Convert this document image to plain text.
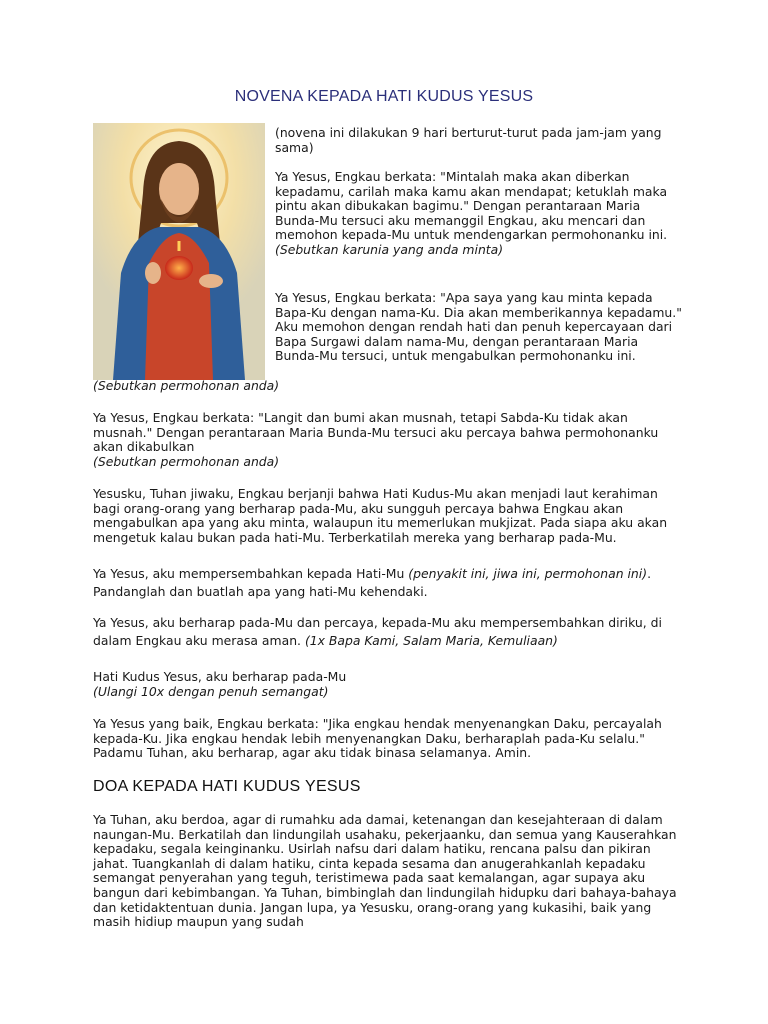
NOVENA KEPADA HATI KUDUS YESUS

(novena ini dilakukan 9 hari berturut-turut pada jam-jam yang sama)

Ya Yesus, Engkau berkata: "Mintalah maka akan diberkan kepadamu, carilah maka kamu akan mendapat; ketuklah maka pintu akan dibukakan bagimu." Dengan perantaraan Maria Bunda-Mu tersuci aku memanggil Engkau, aku mencari dan memohon kepada-Mu untuk mendengarkan permohonanku ini.
(Sebutkan karunia yang anda minta)

Ya Yesus, Engkau berkata: "Apa saya yang kau minta kepada Bapa-Ku dengan nama-Ku. Dia akan memberikannya kepadamu." Aku memohon dengan rendah hati dan penuh kepercayaan dari Bapa Surgawi dalam nama-Mu, dengan perantaraan Maria Bunda-Mu tersuci, untuk mengabulkan permohonanku ini.

(Sebutkan permohonan anda)

Ya Yesus, Engkau berkata: "Langit dan bumi akan musnah, tetapi Sabda-Ku tidak akan musnah." Dengan perantaraan Maria Bunda-Mu tersuci aku percaya bahwa permohonanku akan dikabulkan
(Sebutkan permohonan anda)

Yesusku, Tuhan jiwaku, Engkau berjanji bahwa Hati Kudus-Mu akan menjadi laut kerahiman bagi orang-orang yang berharap pada-Mu, aku sungguh percaya bahwa Engkau akan mengabulkan apa yang aku minta, walaupun itu memerlukan mukjizat. Pada siapa aku akan mengetuk kalau bukan pada hati-Mu. Terberkatilah mereka yang berharap pada-Mu.

Ya Yesus, aku mempersembahkan kepada Hati-Mu (penyakit ini, jiwa ini, permohonan ini). Pandanglah dan buatlah apa yang hati-Mu kehendaki.

Ya Yesus, aku berharap pada-Mu dan percaya, kepada-Mu aku mempersembahkan diriku, di dalam Engkau aku merasa aman. (1x Bapa Kami, Salam Maria, Kemuliaan)

Hati Kudus Yesus, aku berharap pada-Mu
(Ulangi 10x dengan penuh semangat)

Ya Yesus yang baik, Engkau berkata: "Jika engkau hendak menyenangkan Daku, percayalah kepada-Ku. Jika engkau hendak lebih menyenangkan Daku, berharaplah pada-Ku selalu." Padamu Tuhan, aku berharap, agar aku tidak binasa selamanya. Amin.

DOA KEPADA HATI KUDUS YESUS

Ya Tuhan, aku berdoa, agar di rumahku ada damai, ketenangan dan kesejahteraan di dalam naungan-Mu. Berkatilah dan lindungilah usahaku, pekerjaanku, dan semua yang Kauserahkan kepadaku, segala keinginanku. Usirlah nafsu dari dalam hatiku, rencana palsu dan pikiran jahat. Tuangkanlah di dalam hatiku, cinta kepada sesama dan anugerahkanlah kepadaku semangat penyerahan yang teguh, teristimewa pada saat kemalangan, agar supaya aku bangun dari kebimbangan. Ya Tuhan, bimbinglah dan lindungilah hidupku dari bahaya-bahaya dan ketidaktentuan dunia. Jangan lupa, ya Yesusku, orang-orang yang kukasihi, baik yang masih hidiup maupun yang sudah
